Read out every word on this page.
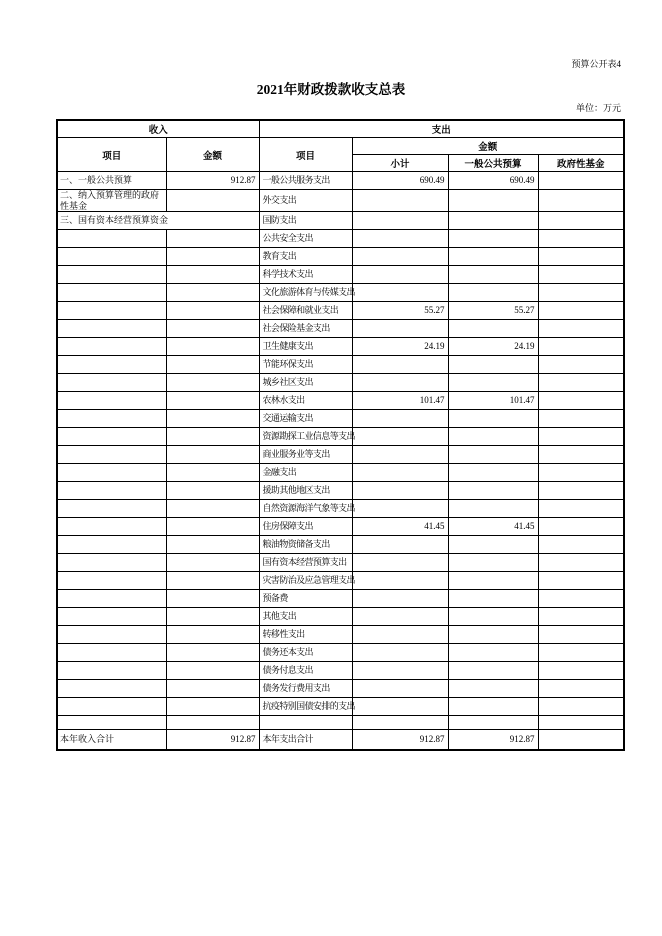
预算公开表4
2021年财政拨款收支总表
单位：万元
收入		支出			
项目	金额	项目	金额		
			小计	一般公共预算	政府性基金
一、一般公共预算	912.87	一般公共服务支出	690.49	690.49	
二、纳入预算管理的政府性基金		外交支出			
三、国有资本经营预算资金		国防支出			
		公共安全支出			
		教育支出			
		科学技术支出			
		文化旅游体育与传媒支出			
		社会保障和就业支出	55.27	55.27	
		社会保险基金支出			
		卫生健康支出	24.19	24.19	
		节能环保支出			
		城乡社区支出			
		农林水支出	101.47	101.47	
		交通运输支出			
		资源勘探工业信息等支出			
		商业服务业等支出			
		金融支出			
		援助其他地区支出			
		自然资源海洋气象等支出			
		住房保障支出	41.45	41.45	
		粮油物资储备支出			
		国有资本经营预算支出			
		灾害防治及应急管理支出			
		预备费			
		其他支出			
		转移性支出			
		债务还本支出			
		债务付息支出			
		债务发行费用支出			
		抗疫特别国债安排的支出			

本年收入合计	912.87	本年支出合计	912.87	912.87	
